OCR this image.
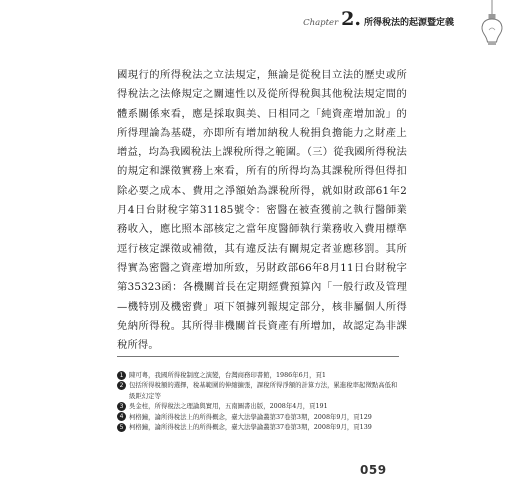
Chapter 2. 所得稅法的起源暨定義

國現行的所得稅法之立法規定，無論是從稅目立法的歷史或所得稅法之法條規定之關連性以及從所得稅與其他稅法規定間的體系關係來看，應是採取與美、日相同之「純資產增加說」的所得理論為基礎，亦即所有增加納稅人稅捐負擔能力之財產上增益，均為我國稅法上課稅所得之範圍。（三）從我國所得稅法的規定和課徵實務上來看，所有的所得均為其課稅所得但得扣除必要之成本、費用之淨額始為課稅所得，就如財政部61年2月4日台財稅字第31185號令：密醫在被查獲前之執行醫師業務收入，應比照本部核定之當年度醫師執行業務收入費用標準逕行核定課徵或補徵，其有違反法有關規定者並應移罰。其所得實為密醫之資產增加所致，另財政部66年8月11日台財稅字第35323函：各機關首長在定期經費預算內「一般行政及管理—機特別及機密費」項下領據列報規定部分，核非屬個人所得免納所得稅。其所得非機關首長資產有所增加，故認定為非課稅所得。

1 陳可粵，我國所得稅制度之演變，台灣商務印書館，1986年6月，頁1
2 包括所得稅額的選擇，稅基範圍的伸縮擴張，課稅所得淨額的計算方法，累進稅率起徵點高低和級距幻定等
3 吳金柱，所得稅法之理論與實用，五南圖書出版，2008年4月，頁191
4 柯格鐘，論所得稅法上的所得概念，臺大法學論叢第37卷第3期，2008年9月，頁129
5 柯格鐘，論所得稅法上的所得概念，臺大法學論叢第37卷第3期，2008年9月，頁139
059
